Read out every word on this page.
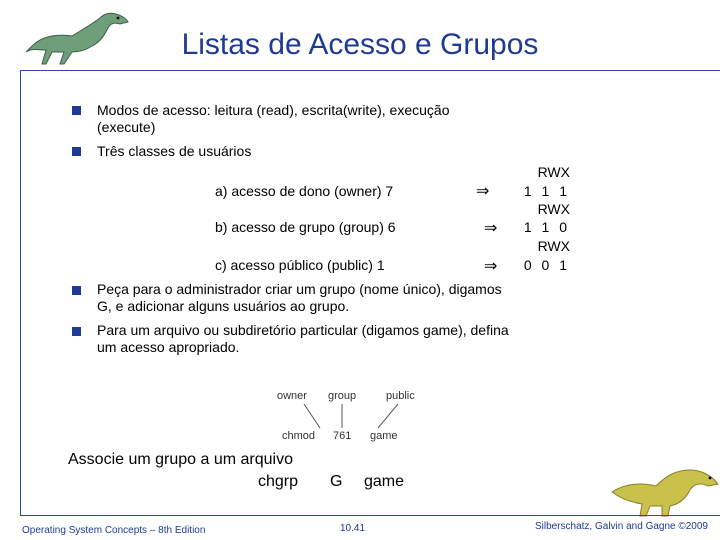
Listas de Acesso e Grupos
Modos de acesso: leitura (read), escrita(write), execução
(execute)
Três classes de usuários
RWX
a) acesso de dono (owner) 7	⇒ 1 1 1
RWX
b) acesso de grupo (group) 6	⇒ 1 1 0
RWX
c) acesso público (public) 1	⇒ 0 0 1
Peça para o administrador criar um grupo (nome único), digamos
G, e adicionar alguns usuários ao grupo.
Para um arquivo ou subdiretório particular (digamos game), defina
um acesso apropriado.
owner group	public
chmod 761 game
Associe um grupo a um arquivo
chgrp G game
Operating System Concepts – 8th Edition	10.41	Silberschatz, Galvin and Gagne ©2009
